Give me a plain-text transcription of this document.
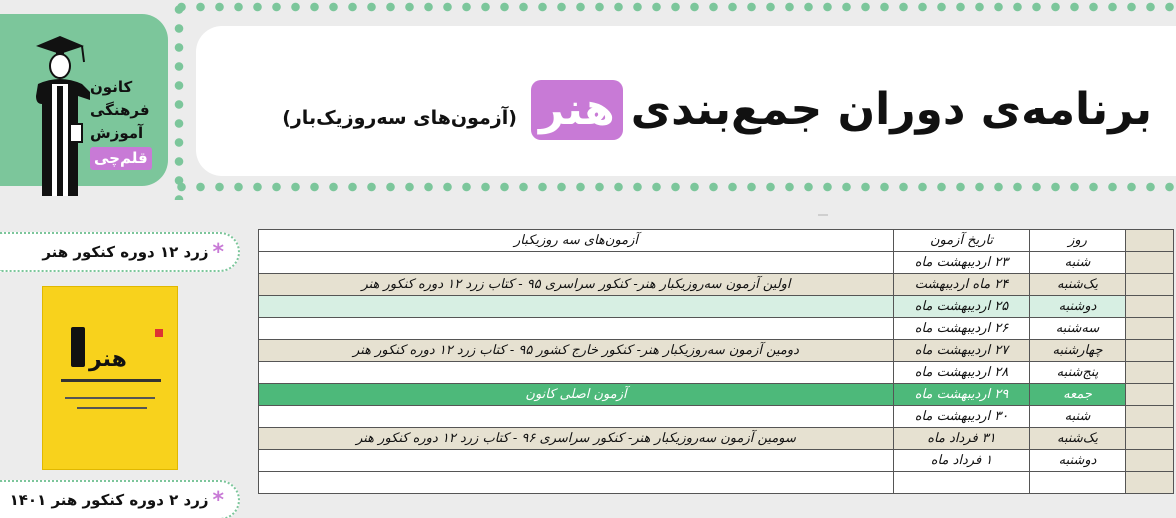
کانون
فرهنگی
آموزش
قلم‌چی
برنامه‌ی دوران جمع‌بندیهنر(آزمون‌های سه‌روزیک‌بار)
*
زرد ۱۲ دوره کنکور هنر
هنر
*
زرد ۲ دوره کنکور هنر ۱۴۰۱
	روز	تاریخ آزمون	آزمون‌های سه روزیکبار
	شنبه	۲۳ اردیبهشت ماه	
	یک‌شنبه	۲۴ ماه اردیبهشت	اولین آزمون سه‌روزیکبار هنر- کنکور سراسری ۹۵ - کتاب زرد ۱۲ دوره کنکور هنر
	دوشنبه	۲۵ اردیبهشت ماه	
	سه‌شنبه	۲۶ اردیبهشت ماه	
	چهارشنبه	۲۷ اردیبهشت ماه	دومین آزمون سه‌روزیکبار هنر- کنکور خارج کشور ۹۵ - کتاب زرد ۱۲ دوره کنکور هنر
	پنج‌شنبه	۲۸ اردیبهشت ماه	
	جمعه	۲۹ اردیبهشت ماه	آزمون اصلی کانون
	شنبه	۳۰ اردیبهشت ماه	
	یک‌شنبه	۳۱ فرداد ماه	سومین آزمون سه‌روزیکبار هنر- کنکور سراسری ۹۶ - کتاب زرد ۱۲ دوره کنکور هنر
	دوشنبه	۱ فرداد ماه	
